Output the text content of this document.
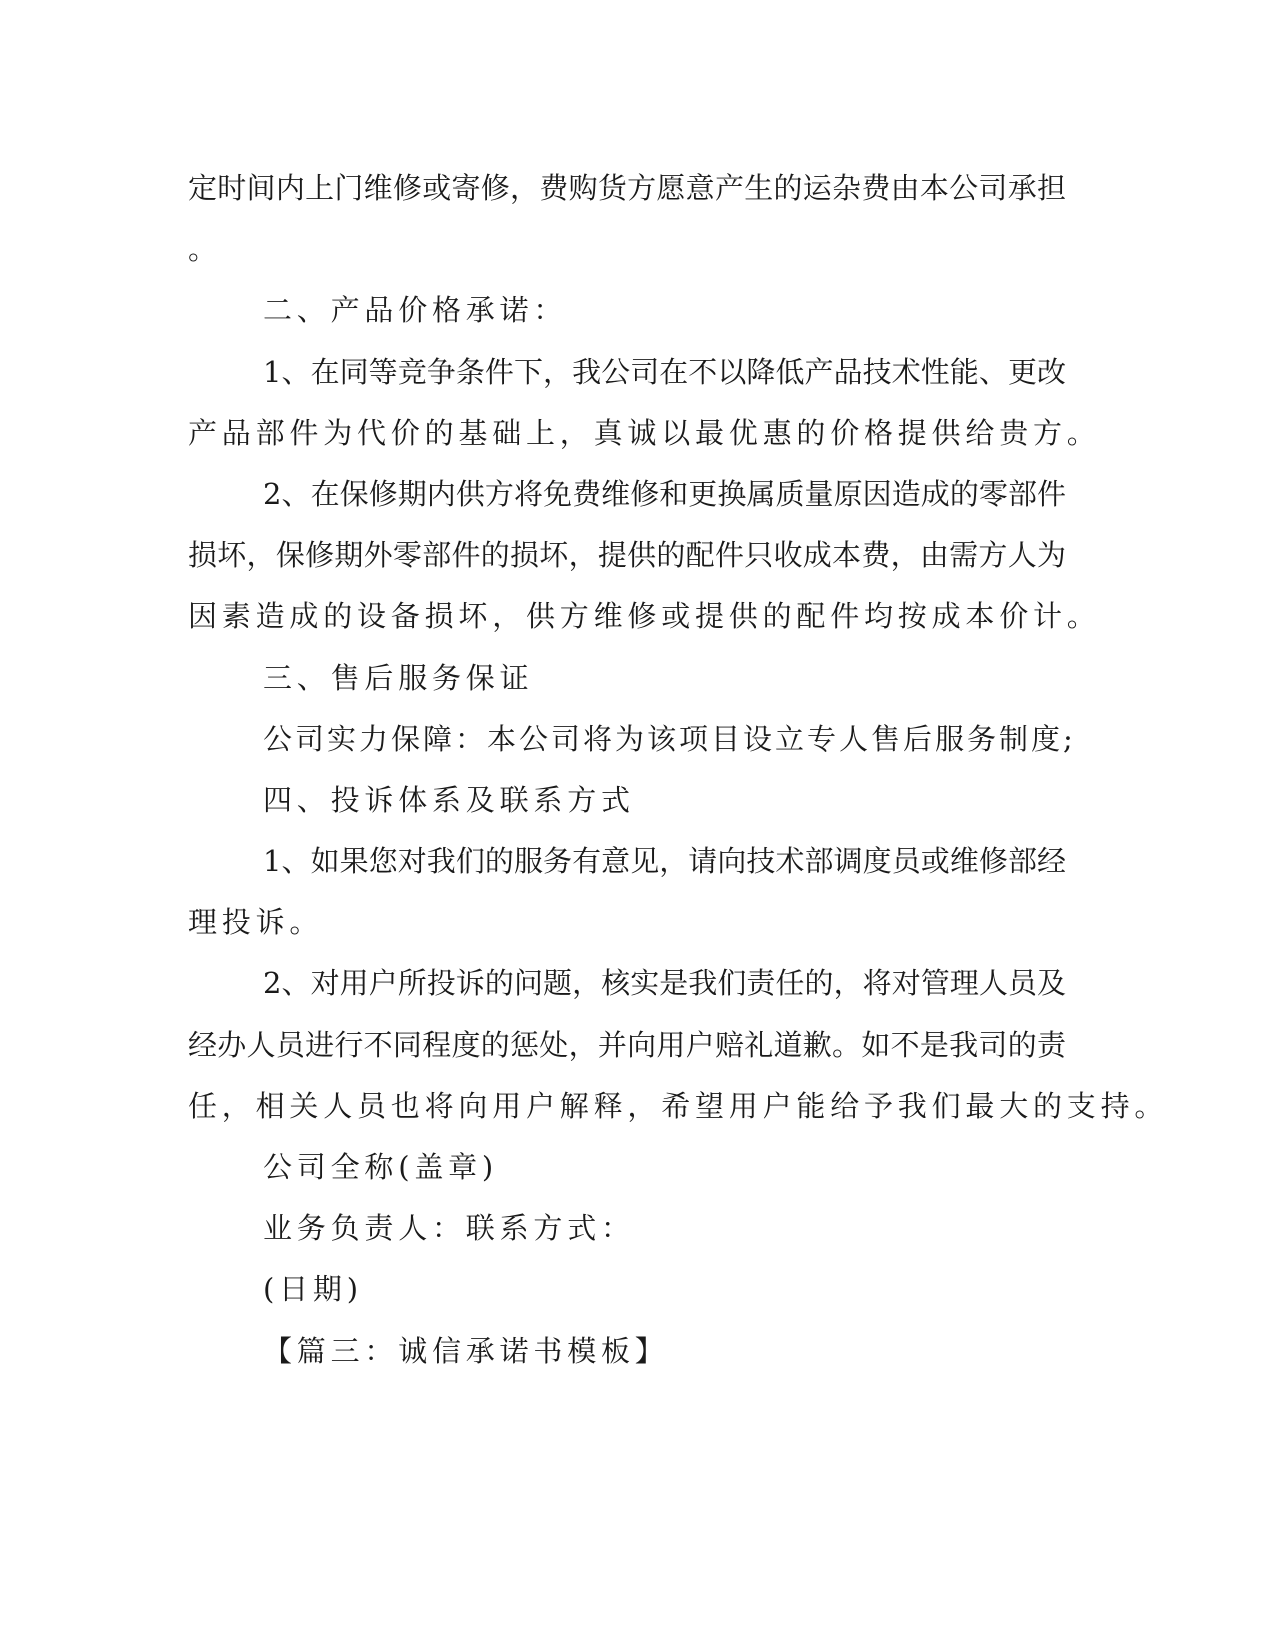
定时间内上门维修或寄修，费购货方愿意产生的运杂费由本公司承担
。
二、产品价格承诺：
1、在同等竞争条件下，我公司在不以降低产品技术性能、更改
产品部件为代价的基础上，真诚以最优惠的价格提供给贵方。
2、在保修期内供方将免费维修和更换属质量原因造成的零部件
损坏，保修期外零部件的损坏，提供的配件只收成本费，由需方人为
因素造成的设备损坏，供方维修或提供的配件均按成本价计。
三、售后服务保证
公司实力保障：本公司将为该项目设立专人售后服务制度;
四、投诉体系及联系方式
1、如果您对我们的服务有意见，请向技术部调度员或维修部经
理投诉。
2、对用户所投诉的问题，核实是我们责任的，将对管理人员及
经办人员进行不同程度的惩处，并向用户赔礼道歉。如不是我司的责
任，相关人员也将向用户解释，希望用户能给予我们最大的支持。
公司全称(盖章)
业务负责人：联系方式：
(日期)
【篇三：诚信承诺书模板】
